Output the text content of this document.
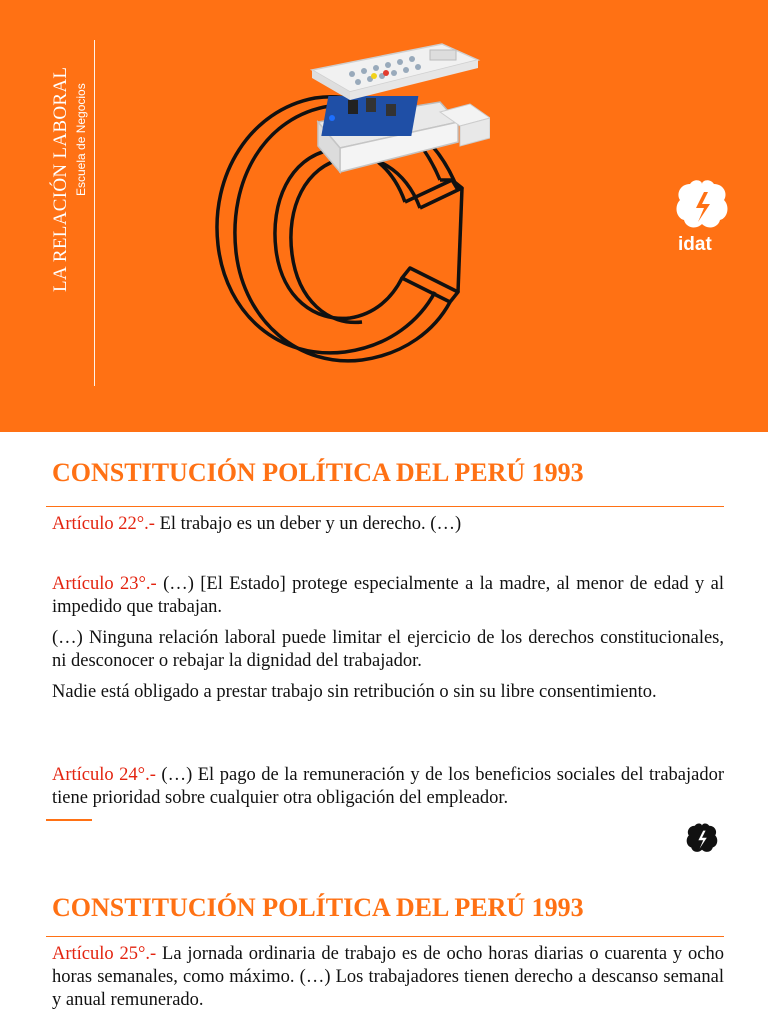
LA RELACIÓN LABORAL Escuela de Negocios
idat
CONSTITUCIÓN POLÍTICA DEL PERÚ 1993
Artículo 22°.- El trabajo es un deber y un derecho. (…)
Artículo 23°.- (…) [El Estado] protege especialmente a la madre, al menor de edad y al impedido que trabajan.
(…) Ninguna relación laboral puede limitar el ejercicio de los derechos constitucionales, ni desconocer o rebajar la dignidad del trabajador.
Nadie está obligado a prestar trabajo sin retribución o sin su libre consentimiento.
Artículo 24°.- (…) El pago de la remuneración y de los beneficios sociales del trabajador tiene prioridad sobre cualquier otra obligación del empleador.
CONSTITUCIÓN POLÍTICA DEL PERÚ 1993
Artículo 25°.- La jornada ordinaria de trabajo es de ocho horas diarias o cuarenta y ocho horas semanales, como máximo. (…) Los trabajadores tienen derecho a descanso semanal y anual remunerado.
